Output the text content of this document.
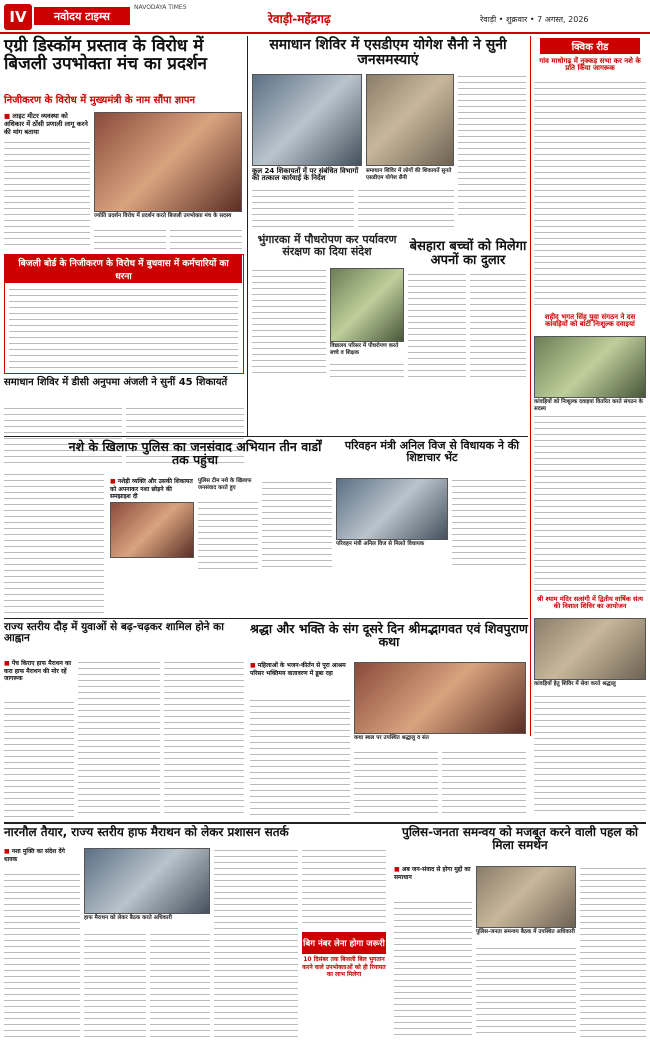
IV	नवोदय टाइम्स
NAVODAYA TIMES
रेवाड़ी-महेंद्रगढ़	रेवाड़ी • शुक्रवार • 7 अगस्त, 2026
एग्री डिस्कॉम प्रस्ताव के विरोध में बिजली उपभोक्ता मंच का प्रदर्शन
निजीकरण के विरोध में मुख्यमंत्री के नाम सौंपा ज्ञापन
■ लाइट मीटर व्यवस्था को अधिकार में ठोंसी प्रणाली लागू करने की मांग बताया
ज्योति प्रदर्शन विरोध में प्रदर्शन करते बिजली उपभोक्ता मंच के सदस्य
समाधान शिविर में एसडीएम योगेश सैनी ने सुनी जनसमस्याएं
कुल 24 शिकायतों में पर संबंधित विभागों को तत्काल कार्रवाई के निर्देश
समाधान शिविर में लोगों की शिकायतें सुनते एसडीएम योगेश सैनी
क्विक रीड
गांव माधोगढ़ में नुक्कड़ सभा कर नशे के प्रति किया जागरूक
शहीद भगत सिंह युवा संगठन ने दस कांवड़ियों को बांटी निःशुल्क दवाइयां
कांवड़ियों को निःशुल्क दवाइयां वितरित करते संगठन के सदस्य
श्री श्याम मंदिर सत्संगी में द्वितीय वार्षिक संत्य की विशाल शिविर का आयोजन
कांवड़ियों हेतु शिविर में सेवा करते श्रद्धालु
बिजली बोर्ड के निजीकरण के विरोध में बुधवास में कर्मचारियों का धरना
भुंगारका में पौधरोपण कर पर्यावरण संरक्षण का दिया संदेश
विद्यालय परिसर में पौधरोपण करते बच्चे व शिक्षक
बेसहारा बच्चों को मिलेगा अपनों का दुलार
समाधान शिविर में डीसी अनुपमा अंजली ने सुनीं 45 शिकायतें
नशे के खिलाफ पुलिस का जनसंवाद अभियान तीन वार्डों तक पहुंचा
■ नशेड़ी व्यक्ति और उसकी शिकायत को अपनाकर नशा छोड़ने की समझाइश दी
पुलिस टीम नशे के खिलाफ जनसंवाद करते हुए
परिवहन मंत्री अनिल विज से विधायक ने की शिष्टाचार भेंट
परिवहन मंत्री अनिल विज से मिलते विधायक
राज्य स्तरीय दौड़ में युवाओं से बढ़-चढ़कर शामिल होने का आह्वान
■ पेंच किराए हाफ मैराथन का करा हाफ मैराथन की मोर रहें जागरूक
श्रद्धा और भक्ति के संग दूसरे दिन श्रीमद्भागवत एवं शिवपुराण कथा
■ महिलाओं के भजन-कीर्तन से पूरा आश्रम परिसर भक्तिमय वातावरण में डूबा रहा
कथा स्थल पर उपस्थित श्रद्धालु व संत
नारनौल तैयार, राज्य स्तरीय हाफ मैराथन को लेकर प्रशासन सतर्क
■ नशा मुक्ति का संदेश देंगे धावक
हाफ मैराथन को लेकर बैठक करते अधिकारी
बिग नंबर लेना होगा जरूरी
10 दिसंबर तक बिजली बिल भुगतान करने वाले उपभोक्ताओं को ही रियायत का लाभ मिलेगा
पुलिस-जनता समन्वय को मजबूत करने वाली पहल को मिला समर्थन
■ अब जन-संवाद से होगा मुद्दों का समाधान
पुलिस-जनता समन्वय बैठक में उपस्थित अधिकारी
